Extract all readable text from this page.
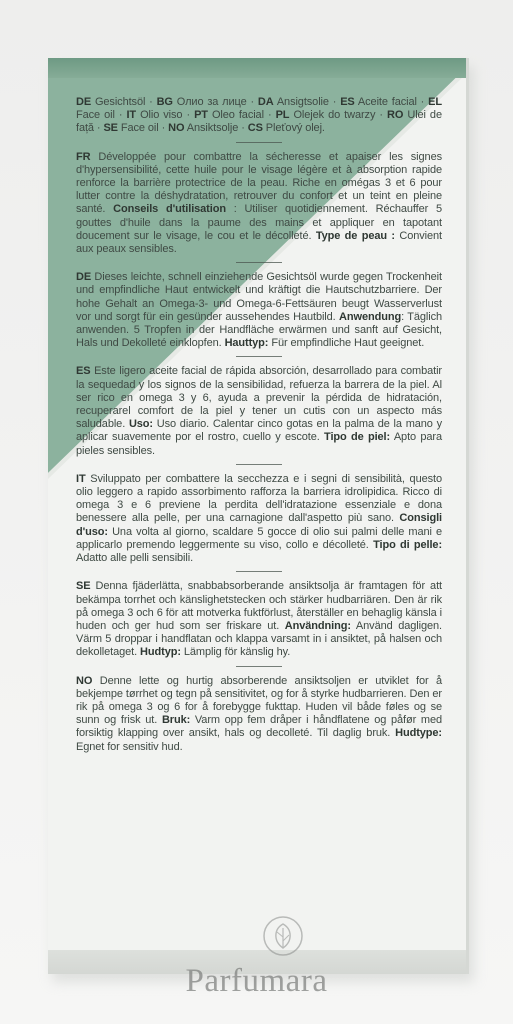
DE Gesichtsöl · BG Олио за лице · DA Ansigtsolie · ES Aceite facial · EL Face oil · IT Olio viso · PT Oleo facial · PL Olejek do twarzy · RO Ulei de față · SE Face oil · NO Ansiktsolje · CS Pleťový olej.
FR Développée pour combattre la sécheresse et apaiser les signes d'hypersensibilité, cette huile pour le visage légère et à absorption rapide renforce la barrière protectrice de la peau. Riche en omégas 3 et 6 pour lutter contre la déshydratation, retrouver du confort et un teint en pleine santé. Conseils d'utilisation : Utiliser quotidiennement. Réchauffer 5 gouttes d'huile dans la paume des mains et appliquer en tapotant doucement sur le visage, le cou et le décolleté. Type de peau : Convient aux peaux sensibles.
DE Dieses leichte, schnell einziehende Gesichtsöl wurde gegen Trockenheit und empfindliche Haut entwickelt und kräftigt die Hautschutzbarriere. Der hohe Gehalt an Omega-3- und Omega-6-Fettsäuren beugt Wasserverlust vor und sorgt für ein gesünder aussehendes Hautbild. Anwendung: Täglich anwenden. 5 Tropfen in der Handfläche erwärmen und sanft auf Gesicht, Hals und Dekolleté einklopfen. Hauttyp: Für empfindliche Haut geeignet.
ES Este ligero aceite facial de rápida absorción, desarrollado para combatir la sequedad y los signos de la sensibilidad, refuerza la barrera de la piel. Al ser rico en omega 3 y 6, ayuda a prevenir la pérdida de hidratación, recuperarel comfort de la piel y tener un cutis con un aspecto más saludable. Uso: Uso diario. Calentar cinco gotas en la palma de la mano y aplicar suavemente por el rostro, cuello y escote. Tipo de piel: Apto para pieles sensibles.
IT Sviluppato per combattere la secchezza e i segni di sensibilità, questo olio leggero a rapido assorbimento rafforza la barriera idrolipidica. Ricco di omega 3 e 6 previene la perdita dell'idratazione essenziale e dona benessere alla pelle, per una carnagione dall'aspetto più sano. Consigli d'uso: Una volta al giorno, scaldare 5 gocce di olio sui palmi delle mani e applicarlo premendo leggermente su viso, collo e décolleté. Tipo di pelle: Adatto alle pelli sensibili.
SE Denna fjäderlätta, snabbabsorberande ansiktsolja är framtagen för att bekämpa torrhet och känslighetstecken och stärker hudbarriären. Den är rik på omega 3 och 6 för att motverka fuktförlust, återställer en behaglig känsla i huden och ger hud som ser friskare ut. Användning: Använd dagligen. Värm 5 droppar i handflatan och klappa varsamt in i ansiktet, på halsen och dekolletaget. Hudtyp: Lämplig för känslig hy.
NO Denne lette og hurtig absorberende ansiktsoljen er utviklet for å bekjempe tørrhet og tegn på sensitivitet, og for å styrke hudbarrieren. Den er rik på omega 3 og 6 for å forebygge fukttap. Huden vil både føles og se sunn og frisk ut. Bruk: Varm opp fem dråper i håndflatene og påfør med forsiktig klapping over ansikt, hals og decolleté. Til daglig bruk. Hudtype: Egnet for sensitiv hud.
Parfumara
